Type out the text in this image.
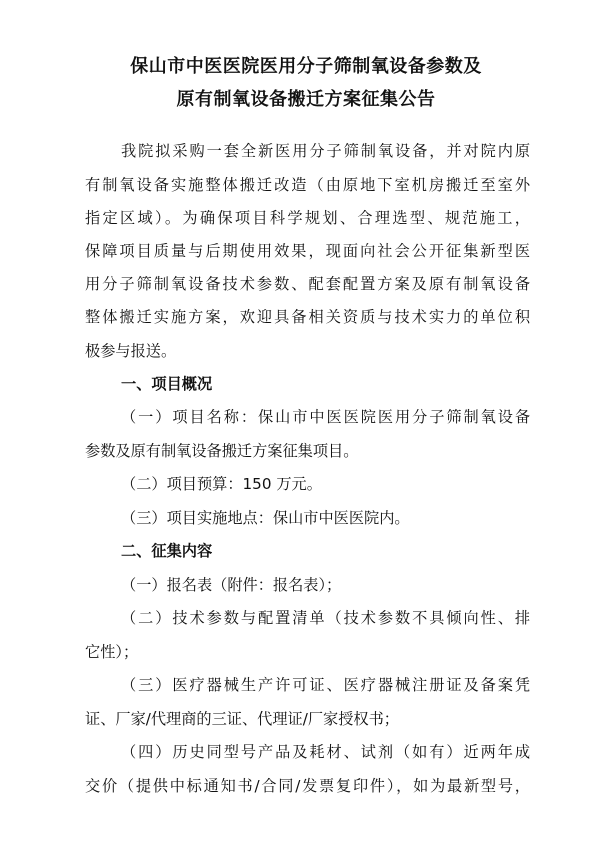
保山市中医医院医用分子筛制氧设备参数及
原有制氧设备搬迁方案征集公告
我院拟采购一套全新医用分子筛制氧设备，并对院内原
有制氧设备实施整体搬迁改造（由原地下室机房搬迁至室外
指定区域）。为确保项目科学规划、合理选型、规范施工，
保障项目质量与后期使用效果，现面向社会公开征集新型医
用分子筛制氧设备技术参数、配套配置方案及原有制氧设备
整体搬迁实施方案，欢迎具备相关资质与技术实力的单位积
极参与报送。
一、项目概况
（一）项目名称：保山市中医医院医用分子筛制氧设备
参数及原有制氧设备搬迁方案征集项目。
（二）项目预算：150 万元。
（三）项目实施地点：保山市中医医院内。
二、征集内容
（一）报名表（附件：报名表）；
（二）技术参数与配置清单（技术参数不具倾向性、排
它性）；
（三）医疗器械生产许可证、医疗器械注册证及备案凭
证、厂家/代理商的三证、代理证/厂家授权书；
（四）历史同型号产品及耗材、试剂（如有）近两年成
交价（提供中标通知书/合同/发票复印件），如为最新型号，
